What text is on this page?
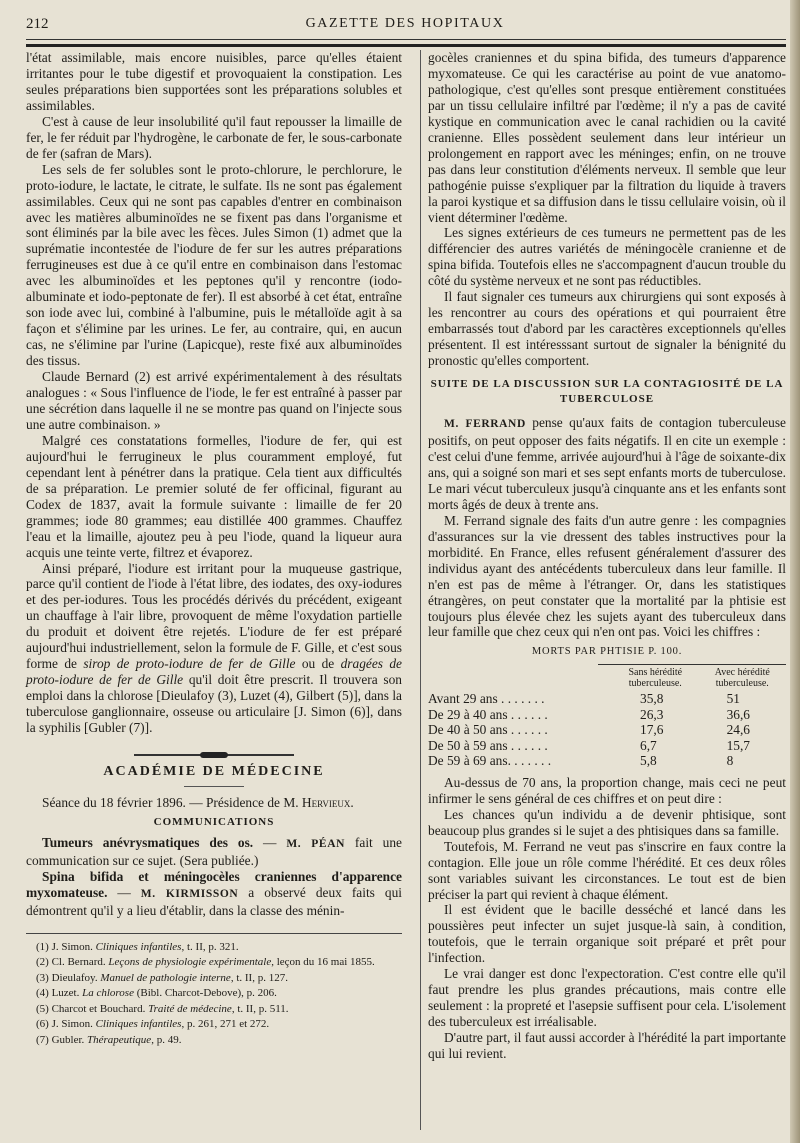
212	GAZETTE DES HOPITAUX

l'état assimilable, mais encore nuisibles, parce qu'elles étaient irritantes pour le tube digestif et provoquaient la constipation. Les seules préparations bien supportées sont les préparations solubles et assimilables.

C'est à cause de leur insolubilité qu'il faut repousser la limaille de fer, le fer réduit par l'hydrogène, le carbonate de fer, le sous-carbonate de fer (safran de Mars).

Les sels de fer solubles sont le proto-chlorure, le perchlorure, le proto-iodure, le lactate, le citrate, le sulfate. Ils ne sont pas également assimilables. Ceux qui ne sont pas capables d'entrer en combinaison avec les matières albuminoïdes ne se fixent pas dans l'organisme et sont éliminés par la bile avec les fèces. Jules Simon (1) admet que la suprématie incontestée de l'iodure de fer sur les autres préparations ferrugineuses est due à ce qu'il entre en combinaison dans l'estomac avec les albuminoïdes et les peptones qu'il y rencontre (iodo-albuminate et iodo-peptonate de fer). Il est absorbé à cet état, entraîne son iode avec lui, combiné à l'albumine, puis le métalloïde agit à sa façon et s'élimine par les urines. Le fer, au contraire, qui, en aucun cas, ne s'élimine par l'urine (Lapicque), reste fixé aux albuminoïdes des tissus.

Claude Bernard (2) est arrivé expérimentalement à des résultats analogues : « Sous l'influence de l'iode, le fer est entraîné à passer par une sécrétion dans laquelle il ne se montre pas quand on l'injecte sous une autre combinaison. »

Malgré ces constatations formelles, l'iodure de fer, qui est aujourd'hui le ferrugineux le plus couramment employé, fut cependant lent à pénétrer dans la pratique. Cela tient aux difficultés de sa préparation. Le premier soluté de fer officinal, figurant au Codex de 1837, avait la formule suivante : limaille de fer 20 grammes; iode 80 grammes; eau distillée 400 grammes. Chauffez l'eau et la limaille, ajoutez peu à peu l'iode, quand la liqueur aura acquis une teinte verte, filtrez et évaporez.

Ainsi préparé, l'iodure est irritant pour la muqueuse gastrique, parce qu'il contient de l'iode à l'état libre, des iodates, des oxy-iodures et des per-iodures. Tous les procédés dérivés du précédent, exigeant un chauffage à l'air libre, provoquent de même l'oxydation partielle du produit et doivent être rejetés. L'iodure de fer est préparé aujourd'hui industriellement, selon la formule de F. Gille, et c'est sous forme de sirop de proto-iodure de fer de Gille ou de dragées de proto-iodure de fer de Gille qu'il doit être prescrit. Il trouvera son emploi dans la chlorose [Dieulafoy (3), Luzet (4), Gilbert (5)], dans la tuberculose ganglionnaire, osseuse ou articulaire [J. Simon (6)], dans la syphilis [Gubler (7)].

ACADÉMIE DE MÉDECINE

Séance du 18 février 1896. — Présidence de M. Hervieux.

COMMUNICATIONS

Tumeurs anévrysmatiques des os. — M. PÉAN fait une communication sur ce sujet. (Sera publiée.)

Spina bifida et méningocèles craniennes d'apparence myxomateuse. — M. KIRMISSON a observé deux faits qui démontrent qu'il y a lieu d'établir, dans la classe des ménin-

(1) J. Simon. Cliniques infantiles, t. II, p. 321.
(2) Cl. Bernard. Leçons de physiologie expérimentale, leçon du 16 mai 1855.
(3) Dieulafoy. Manuel de pathologie interne, t. II, p. 127.
(4) Luzet. La chlorose (Bibl. Charcot-Debove), p. 206.
(5) Charcot et Bouchard. Traité de médecine, t. II, p. 511.
(6) J. Simon. Cliniques infantiles, p. 261, 271 et 272.
(7) Gubler. Thérapeutique, p. 49.

gocèles craniennes et du spina bifida, des tumeurs d'apparence myxomateuse. Ce qui les caractérise au point de vue anatomo-pathologique, c'est qu'elles sont presque entièrement constituées par un tissu cellulaire infiltré par l'œdème; il n'y a pas de cavité kystique en communication avec le canal rachidien ou la cavité cranienne. Elles possèdent seulement dans leur intérieur un prolongement en rapport avec les méninges; enfin, on ne trouve pas dans leur constitution d'éléments nerveux. Il semble que leur pathogénie puisse s'expliquer par la filtration du liquide à travers la paroi kystique et sa diffusion dans le tissu cellulaire voisin, où il vient déterminer l'œdème.

Les signes extérieurs de ces tumeurs ne permettent pas de les différencier des autres variétés de méningocèle cranienne et de spina bifida. Toutefois elles ne s'accompagnent d'aucun trouble du côté du système nerveux et ne sont pas réductibles.

Il faut signaler ces tumeurs aux chirurgiens qui sont exposés à les rencontrer au cours des opérations et qui pourraient être embarrassés tout d'abord par les caractères exceptionnels qu'elles présentent. Il est intéresssant surtout de signaler la bénignité du pronostic qu'elles comportent.

SUITE DE LA DISCUSSION SUR LA CONTAGIOSITÉ DE LA TUBERCULOSE

M. FERRAND pense qu'aux faits de contagion tuberculeuse positifs, on peut opposer des faits négatifs. Il en cite un exemple : c'est celui d'une femme, arrivée aujourd'hui à l'âge de soixante-dix ans, qui a soigné son mari et ses sept enfants morts de tuberculose. Le mari vécut tuberculeux jusqu'à cinquante ans et les enfants sont morts âgés de deux à trente ans.

M. Ferrand signale des faits d'un autre genre : les compagnies d'assurances sur la vie dressent des tables instructives pour la morbidité. En France, elles refusent généralement d'assurer des individus ayant des antécédents tuberculeux dans leur famille. Il n'en est pas de même à l'étranger. Or, dans les statistiques étrangères, on peut constater que la mortalité par la phtisie est toujours plus élevée chez les sujets ayant des tuberculeux dans leur famille que chez ceux qui n'en ont pas. Voici les chiffres :

MORTS PAR PHTISIE P. 100.
	Sans hérédité tuberculeuse.	Avec hérédité tuberculeuse.
Avant 29 ans . . . . . . .	35,8	51
De 29 à 40 ans . . . . . .	26,3	36,6
De 40 à 50 ans . . . . . .	17,6	24,6
De 50 à 59 ans . . . . . .	6,7	15,7
De 59 à 69 ans. . . . . . .	5,8	8

Au-dessus de 70 ans, la proportion change, mais ceci ne peut infirmer le sens général de ces chiffres et on peut dire :

Les chances qu'un individu a de devenir phtisique, sont beaucoup plus grandes si le sujet a des phtisiques dans sa famille.

Toutefois, M. Ferrand ne veut pas s'inscrire en faux contre la contagion. Elle joue un rôle comme l'hérédité. Et ces deux rôles sont variables suivant les circonstances. Le tout est de bien préciser la part qui revient à chaque élément.

Il est évident que le bacille desséché et lancé dans les poussières peut infecter un sujet jusque-là sain, à condition, toutefois, que le terrain organique soit préparé et prêt pour l'infection.

Le vrai danger est donc l'expectoration. C'est contre elle qu'il faut prendre les plus grandes précautions, mais contre elle seulement : la propreté et l'asepsie suffisent pour cela. L'isolement des tuberculeux est irréalisable.

D'autre part, il faut aussi accorder à l'hérédité la part importante qui lui revient.
